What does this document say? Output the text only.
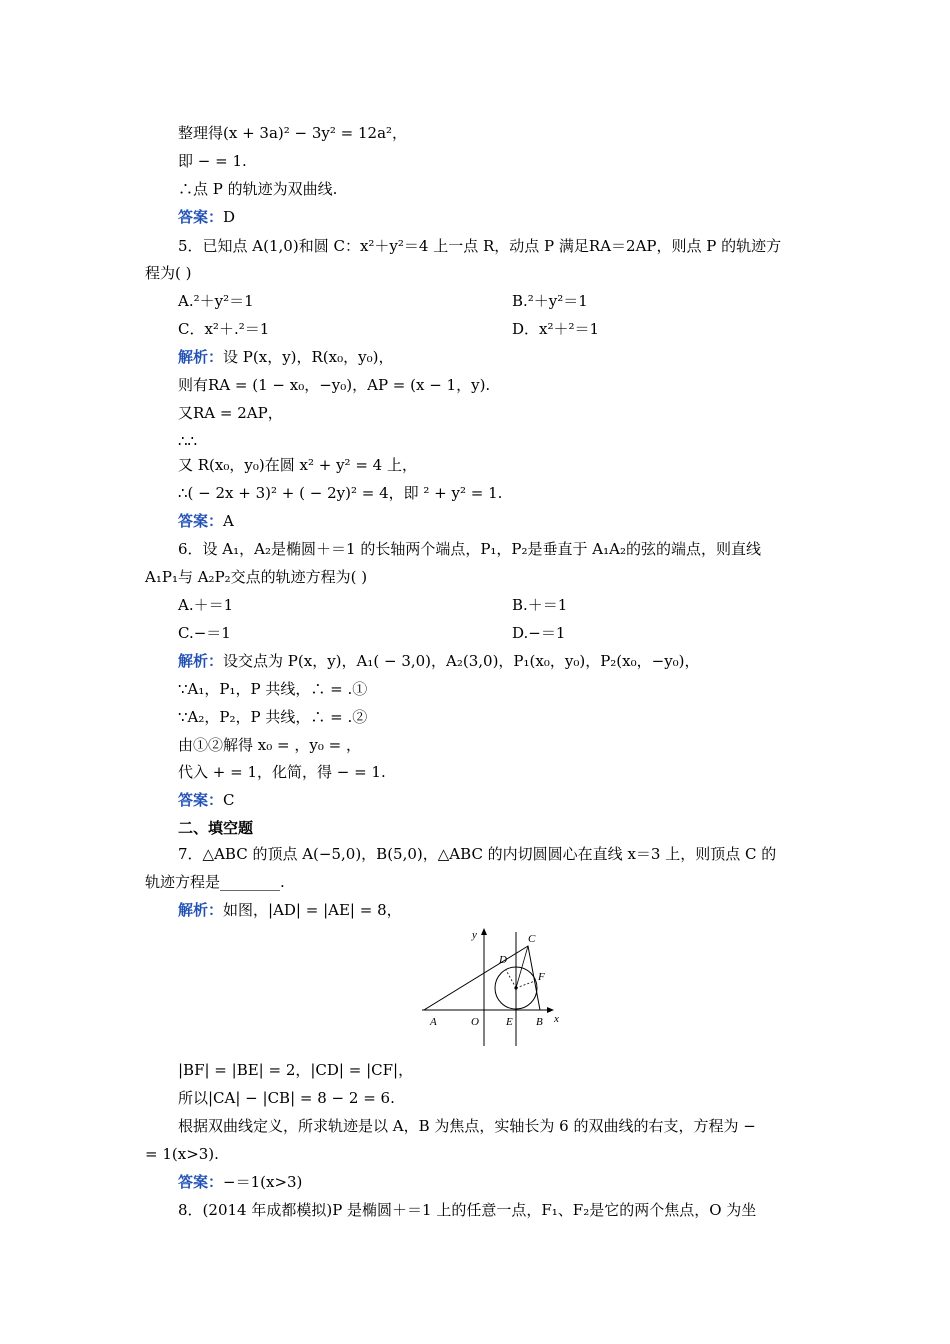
整理得(x + 3a)² − 3y² = 12a²，
即 − = 1.
∴点 P 的轨迹为双曲线.
答案：D
5．已知点 A(1,0)和圆 C：x²＋y²＝4 上一点 R，动点 P 满足RA＝2AP，则点 P 的轨迹方
程为( )
A.²＋y²＝1	B.²＋y²＝1
C．x²＋.²＝1	D．x²＋²＝1
解析：设 P(x，y)，R(x₀，y₀)，
则有RA = (1 − x₀，−y₀)，AP = (x − 1，y).
又RA = 2AP，
∴∴
又 R(x₀，y₀)在圆 x² + y² = 4 上，
∴( − 2x + 3)² + ( − 2y)² = 4，即 ² + y² = 1.
答案：A
6．设 A₁，A₂是椭圆＋＝1 的长轴两个端点，P₁，P₂是垂直于 A₁A₂的弦的端点，则直线
A₁P₁与 A₂P₂交点的轨迹方程为( )
A.＋＝1	B.＋＝1
C.−＝1	D.−＝1
解析：设交点为 P(x，y)，A₁( − 3,0)，A₂(3,0)，P₁(x₀，y₀)，P₂(x₀，−y₀)，
∵A₁，P₁，P 共线，∴ = .①
∵A₂，P₂，P 共线，∴ = .②
由①②解得 x₀ = ，y₀ = ，
代入 + = 1，化简，得 − = 1.
答案：C
二、填空题
7．△ABC 的顶点 A(−5,0)，B(5,0)，△ABC 的内切圆圆心在直线 x＝3 上，则顶点 C 的
轨迹方程是________.
解析：如图，|AD| = |AE| = 8，
y
x
A	O E B
D
C
F
|BF| = |BE| = 2，|CD| = |CF|，
所以|CA| − |CB| = 8 − 2 = 6.
根据双曲线定义，所求轨迹是以 A，B 为焦点，实轴长为 6 的双曲线的右支，方程为 −
= 1(x>3).
答案：−＝1(x>3)
8．(2014 年成都模拟)P 是椭圆＋＝1 上的任意一点，F₁、F₂是它的两个焦点，O 为坐
